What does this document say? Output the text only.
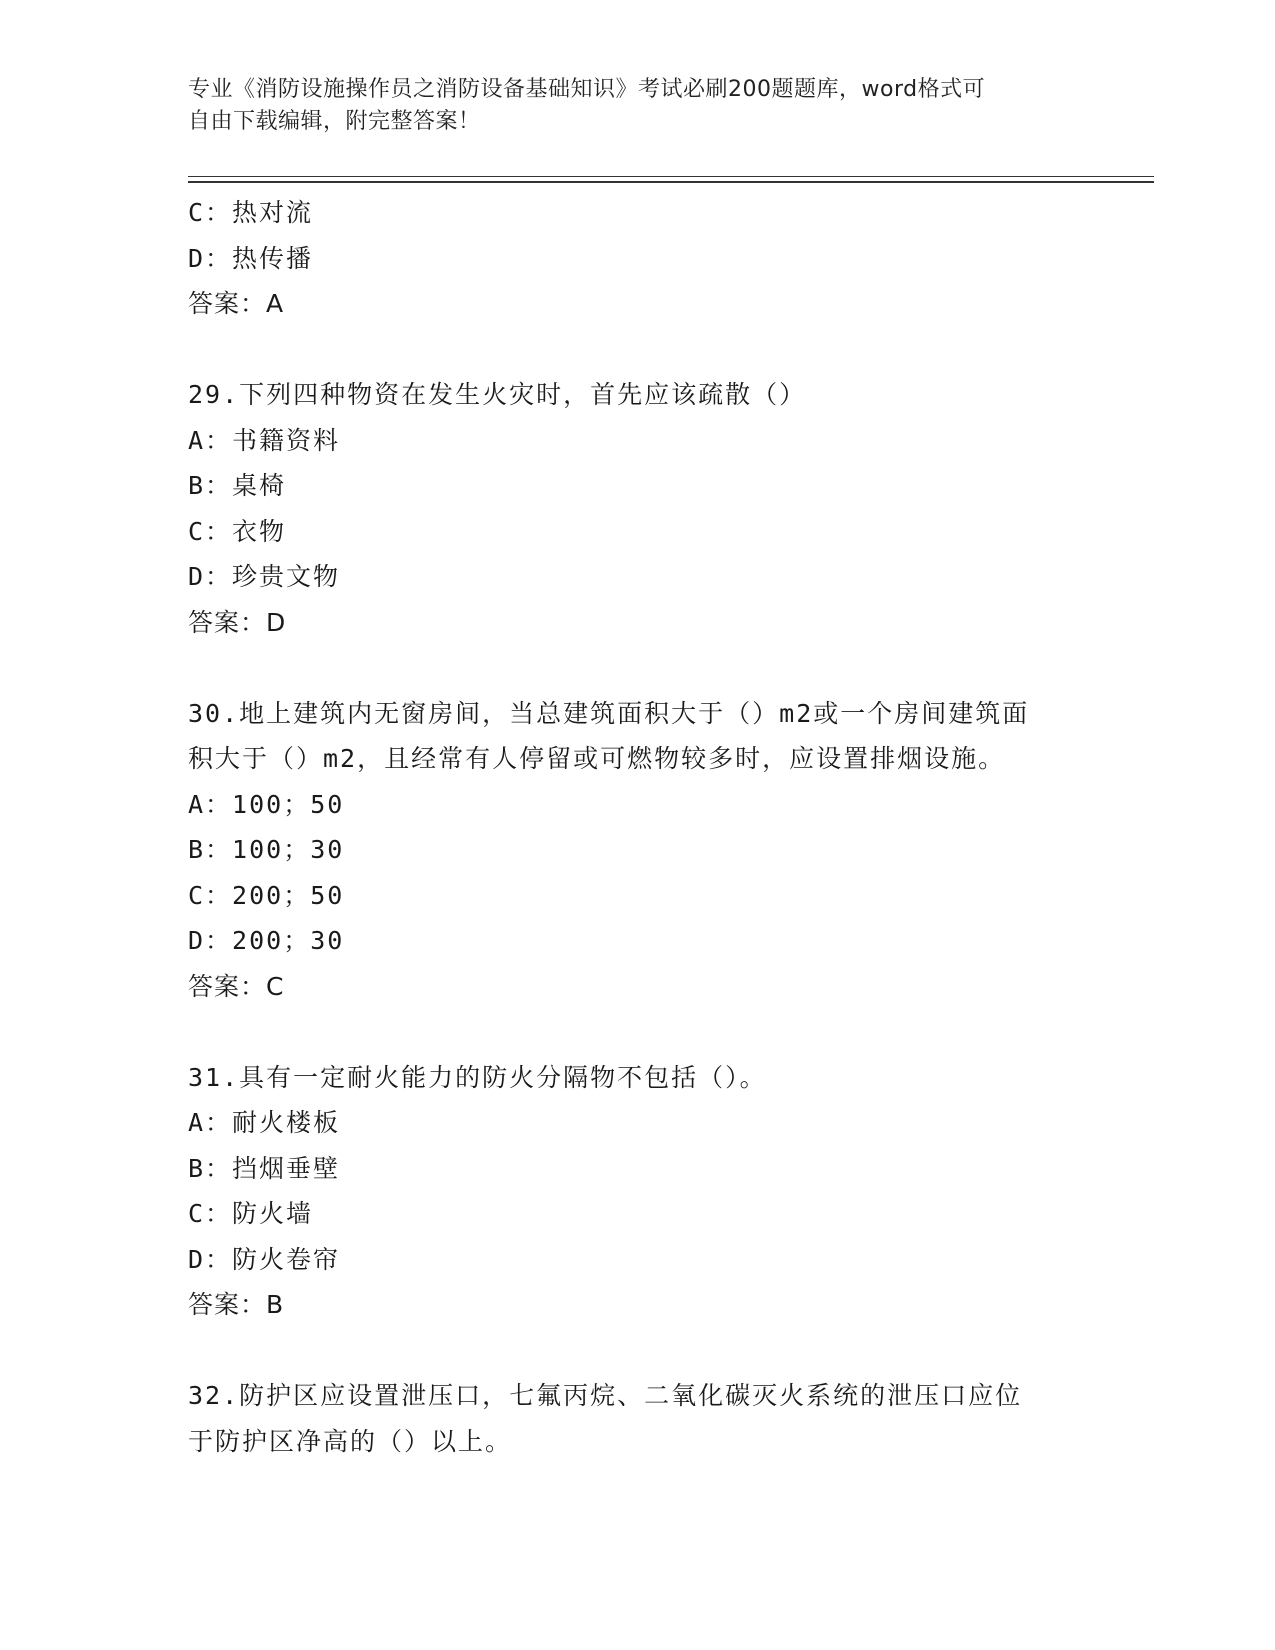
专业《消防设施操作员之消防设备基础知识》考试必刷200题题库，word格式可
自由下载编辑，附完整答案！
C：热对流
D：热传播
答案：A
29.下列四种物资在发生火灾时，首先应该疏散（）
A：书籍资料
B：桌椅
C：衣物
D：珍贵文物
答案：D
30.地上建筑内无窗房间，当总建筑面积大于（）m2或一个房间建筑面
积大于（）m2，且经常有人停留或可燃物较多时，应设置排烟设施。
A：100；50
B：100；30
C：200；50
D：200；30
答案：C
31.具有一定耐火能力的防火分隔物不包括（）。
A：耐火楼板
B：挡烟垂壁
C：防火墙
D：防火卷帘
答案：B
32.防护区应设置泄压口，七氟丙烷、二氧化碳灭火系统的泄压口应位
于防护区净高的（）以上。
